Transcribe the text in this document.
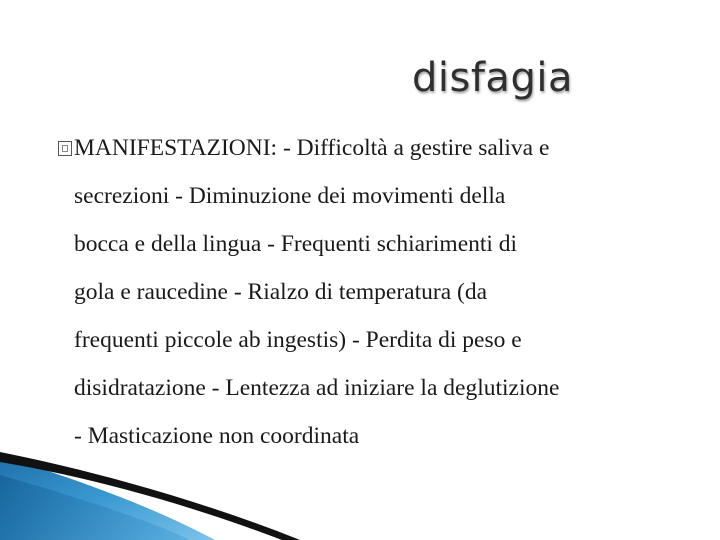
disfagia
MANIFESTAZIONI: - Difficoltà a gestire saliva e
secrezioni - Diminuzione dei movimenti della
bocca e della lingua - Frequenti schiarimenti di
gola e raucedine - Rialzo di temperatura (da
frequenti piccole ab ingestis) - Perdita di peso e
disidratazione - Lentezza ad iniziare la deglutizione
- Masticazione non coordinata
